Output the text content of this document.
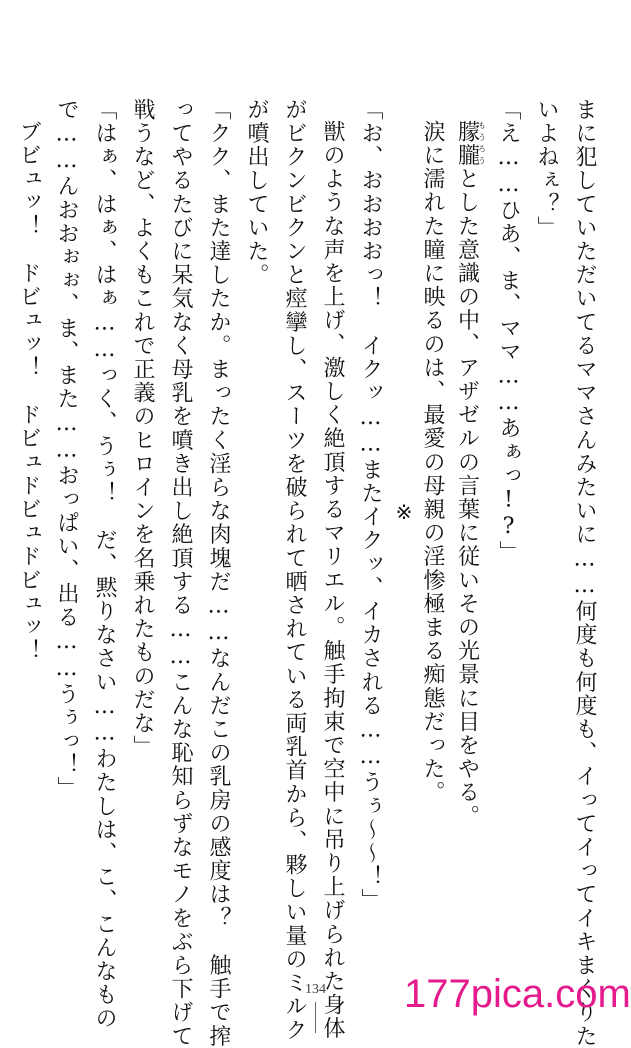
まに犯していただいてるママさんみたいに……何度も何度も、イってイってイキまくりた
いよねぇ？」
「え……ひあ、ま、ママ……あぁっ!?」
朦朧もうろうとした意識の中、アザゼルの言葉に従いその光景に目をやる。
涙に濡れた瞳に映るのは、最愛の母親の淫惨極まる痴態だった。
※
「お、おおおおっ！　イクッ……またイクッ、イカされる……うぅ〜〜！」
獣のような声を上げ、激しく絶頂するマリエル。触手拘束で空中に吊り上げられた身体
がビクンビクンと痙攣し、スーツを破られて晒されている両乳首から、夥しい量のミルク
が噴出していた。
「クク、また達したか。まったく淫らな肉塊だ……なんだこの乳房の感度は？　触手で搾
ってやるたびに呆気なく母乳を噴き出し絶頂する……こんな恥知らずなモノをぶら下げて
戦うなど、よくもこれで正義のヒロインを名乗れたものだな」
「はぁ、はぁ、はぁ……っく、うぅ！　だ、黙りなさい……わたしは、こ、こんなもの
で……んおおぉぉ、ま、また……おっぱい、出る……うぅっ！」
ブビュッ！　ドビュッ！　ドビュドビュドビュッ！
134	177pica.com
